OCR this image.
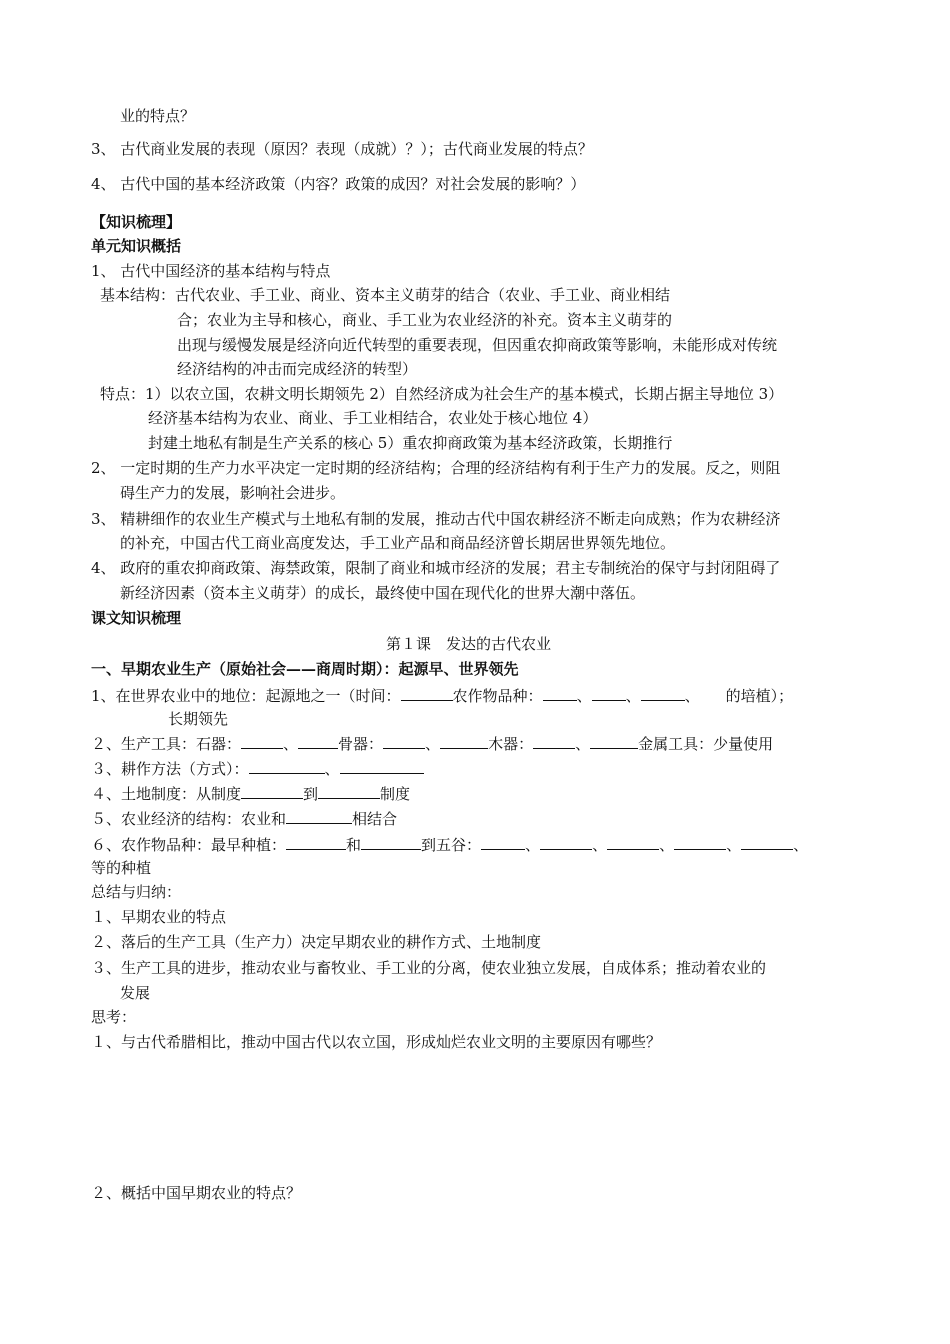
业的特点？
3、 古代商业发展的表现（原因？表现（成就）？）；古代商业发展的特点？
4、 古代中国的基本经济政策（内容？政策的成因？对社会发展的影响？）
【知识梳理】
单元知识概括
1、 古代中国经济的基本结构与特点
基本结构：古代农业、手工业、商业、资本主义萌芽的结合（农业、手工业、商业相结
合；农业为主导和核心，商业、手工业为农业经济的补充。资本主义萌芽的
出现与缓慢发展是经济向近代转型的重要表现，但因重农抑商政策等影响，未能形成对传统
经济结构的冲击而完成经济的转型）
特点：1）以农立国，农耕文明长期领先 2）自然经济成为社会生产的基本模式，长期占据主导地位 3）
经济基本结构为农业、商业、手工业相结合，农业处于核心地位 4）
封建土地私有制是生产关系的核心 5）重农抑商政策为基本经济政策，长期推行
2、 一定时期的生产力水平决定一定时期的经济结构；合理的经济结构有利于生产力的发展。反之，则阻
碍生产力的发展，影响社会进步。
3、 精耕细作的农业生产模式与土地私有制的发展，推动古代中国农耕经济不断走向成熟；作为农耕经济
的补充，中国古代工商业高度发达，手工业产品和商品经济曾长期居世界领先地位。
4、 政府的重农抑商政策、海禁政策，限制了商业和城市经济的发展；君主专制统治的保守与封闭阻碍了
新经济因素（资本主义萌芽）的成长，最终使中国在现代化的世界大潮中落伍。
课文知识梳理
第１课　发达的古代农业
一、早期农业生产（原始社会——商周时期）：起源早、世界领先
1、在世界农业中的地位：起源地之一（时间：	农作物品种： 、 、	、 的培植）；
长期领先
２、生产工具：石器：	、	骨器：	、	木器：	、	金属工具：少量使用
３、耕作方法（方式）：	、
４、土地制度：从制度	到	制度
５、农业经济的结构：农业和	相结合
６、农作物品种：最早种植：	和	到五谷：	、	、	、	、	、
等的种植
总结与归纳：
１、早期农业的特点
２、落后的生产工具（生产力）决定早期农业的耕作方式、土地制度
３、生产工具的进步，推动农业与畜牧业、手工业的分离，使农业独立发展，自成体系；推动着农业的
发展
思考：
１、与古代希腊相比，推动中国古代以农立国，形成灿烂农业文明的主要原因有哪些？
２、概括中国早期农业的特点？
